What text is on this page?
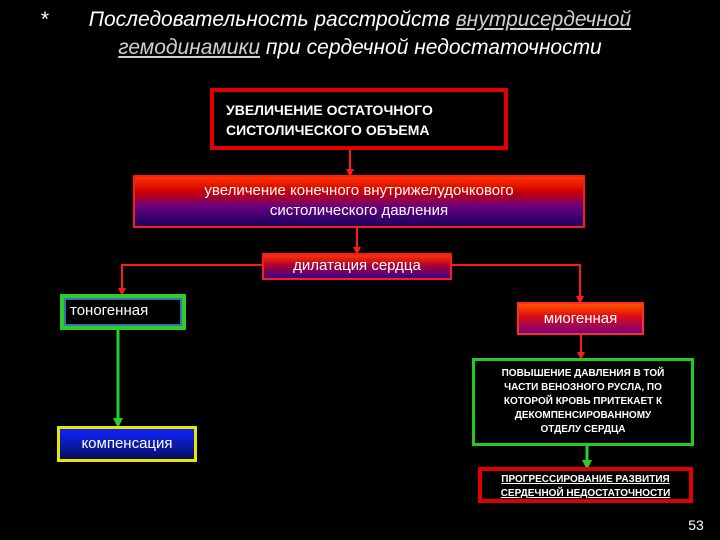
* Последовательность расстройств внутрисердечной
гемодинамики при сердечной недостаточности
УВЕЛИЧЕНИЕ ОСТАТОЧНОГО
СИСТОЛИЧЕСКОГО ОБЪЕМА
увеличение конечного внутрижелудочкового
систолического давления
дилатация сердца
тоногенная	миогенная
компенсация
ПОВЫШЕНИЕ ДАВЛЕНИЯ В ТОЙ
ЧАСТИ ВЕНОЗНОГО РУСЛА, ПО
КОТОРОЙ КРОВЬ ПРИТЕКАЕТ К
ДЕКОМПЕНСИРОВАННОМУ
ОТДЕЛУ СЕРДЦА
ПРОГРЕССИРОВАНИЕ РАЗВИТИЯ
СЕРДЕЧНОЙ НЕДОСТАТОЧНОСТИ
53
